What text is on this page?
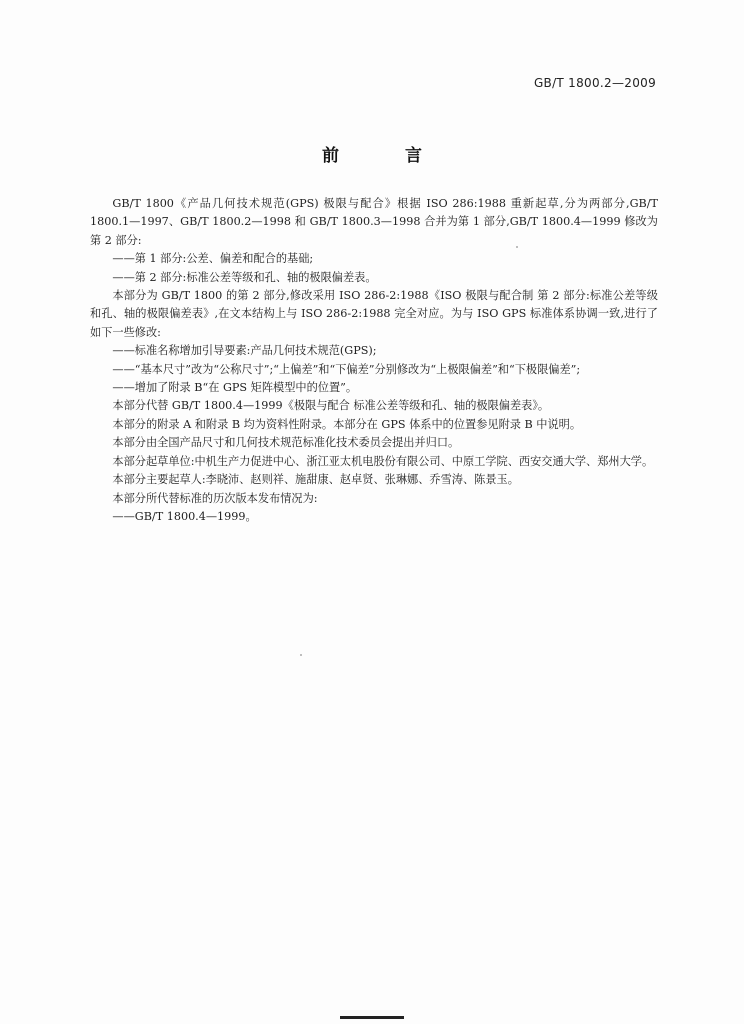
GB/T 1800.2—2009
前 言

GB/T 1800《产品几何技术规范(GPS) 极限与配合》根据 ISO 286:1988 重新起草,分为两部分,GB/T 1800.1—1997、GB/T 1800.2—1998 和 GB/T 1800.3—1998 合并为第 1 部分,GB/T 1800.4—1999 修改为第 2 部分:

——第 1 部分:公差、偏差和配合的基础;

——第 2 部分:标准公差等级和孔、轴的极限偏差表。

本部分为 GB/T 1800 的第 2 部分,修改采用 ISO 286-2:1988《ISO 极限与配合制 第 2 部分:标准公差等级和孔、轴的极限偏差表》,在文本结构上与 ISO 286-2:1988 完全对应。为与 ISO GPS 标准体系协调一致,进行了如下一些修改:

——标准名称增加引导要素:产品几何技术规范(GPS);

——“基本尺寸”改为“公称尺寸”;“上偏差”和“下偏差”分别修改为“上极限偏差”和“下极限偏差”;

——增加了附录 B“在 GPS 矩阵模型中的位置”。

本部分代替 GB/T 1800.4—1999《极限与配合 标准公差等级和孔、轴的极限偏差表》。

本部分的附录 A 和附录 B 均为资料性附录。本部分在 GPS 体系中的位置参见附录 B 中说明。

本部分由全国产品尺寸和几何技术规范标准化技术委员会提出并归口。

本部分起草单位:中机生产力促进中心、浙江亚太机电股份有限公司、中原工学院、西安交通大学、郑州大学。

本部分主要起草人:李晓沛、赵则祥、施甜康、赵卓贤、张琳娜、乔雪涛、陈景玉。

本部分所代替标准的历次版本发布情况为:

——GB/T 1800.4—1999。
